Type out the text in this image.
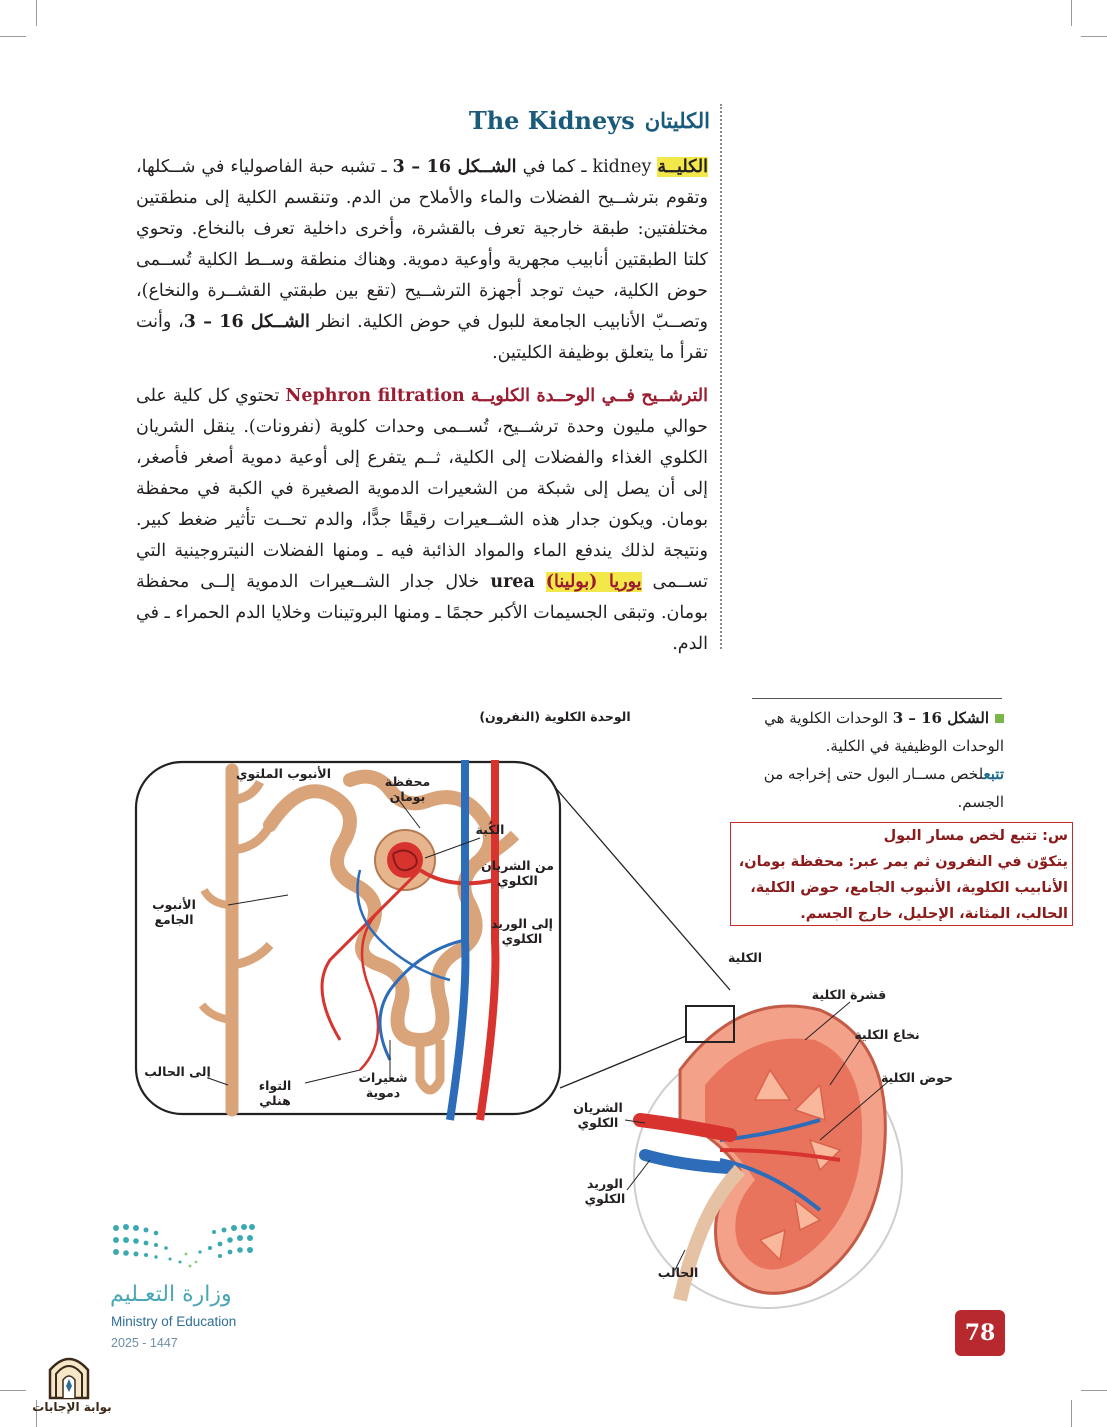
الكليتان
The Kidneys
الكليــة kidney ـ كما في الشــكل 16 – 3 ـ تشبه حبة الفاصولياء في شــكلها، وتقوم بترشــيح الفضلات والماء والأملاح من الدم. وتنقسم الكلية إلى منطقتين مختلفتين: طبقة خارجية تعرف بالقشرة، وأخرى داخلية تعرف بالنخاع. وتحوي كلتا الطبقتين أنابيب مجهرية وأوعية دموية. وهناك منطقة وســط الكلية تُســمى حوض الكلية، حيث توجد أجهزة الترشــيح (تقع بين طبقتي القشــرة والنخاع)، وتصــبّ الأنابيب الجامعة للبول في حوض الكلية. انظر الشــكل 16 – 3، وأنت تقرأ ما يتعلق بوظيفة الكليتين.
الترشــيح فــي الوحــدة الكلويــة Nephron filtration تحتوي كل كلية على حوالي مليون وحدة ترشــيح، تُســمى وحدات كلوية (نفرونات). ينقل الشريان الكلوي الغذاء والفضلات إلى الكلية، ثــم يتفرع إلى أوعية دموية أصغر فأصغر، إلى أن يصل إلى شبكة من الشعيرات الدموية الصغيرة في الكبة في محفظة بومان. ويكون جدار هذه الشــعيرات رقيقًا جدًّا، والدم تحــت تأثير ضغط كبير. ونتيجة لذلك يندفع الماء والمواد الذائبة فيه ـ ومنها الفضلات النيتروجينية التي تســمى يوريا (بولينا) urea خلال جدار الشــعيرات الدموية إلــى محفظة بومان. وتبقى الجسيمات الأكبر حجمًا ـ ومنها البروتينات وخلايا الدم الحمراء ـ في الدم.
الوحدة الكلوية (النفرون)
الأنبوب الملتوي
محفظة بومان
الكُبة
من الشريان الكلوي
إلى الوريد الكلوي
الأنبوب الجامع
إلى الحالب
التواء هنلي
شعيرات دموية
الكلية
قشرة الكلية
نخاع الكلية
حوض الكلية
الشريان الكلوي
الوريد الكلوي
الحالب
الشكل 16 – 3 الوحدات الكلوية هي الوحدات الوظيفية في الكلية.
تتبعلخص مســار البول حتى إخراجه من الجسم.
س: تتبع لخص مسار البول
يتكوّن في النفرون ثم يمر عبر: محفظة بومان، الأنابيب الكلوية، الأنبوب الجامع، حوض الكلية، الحالب، المثانة، الإحليل، خارج الجسم.
وزارة التعـليم
Ministry of Education
2025 - 1447	78
بوابة الإجابات
